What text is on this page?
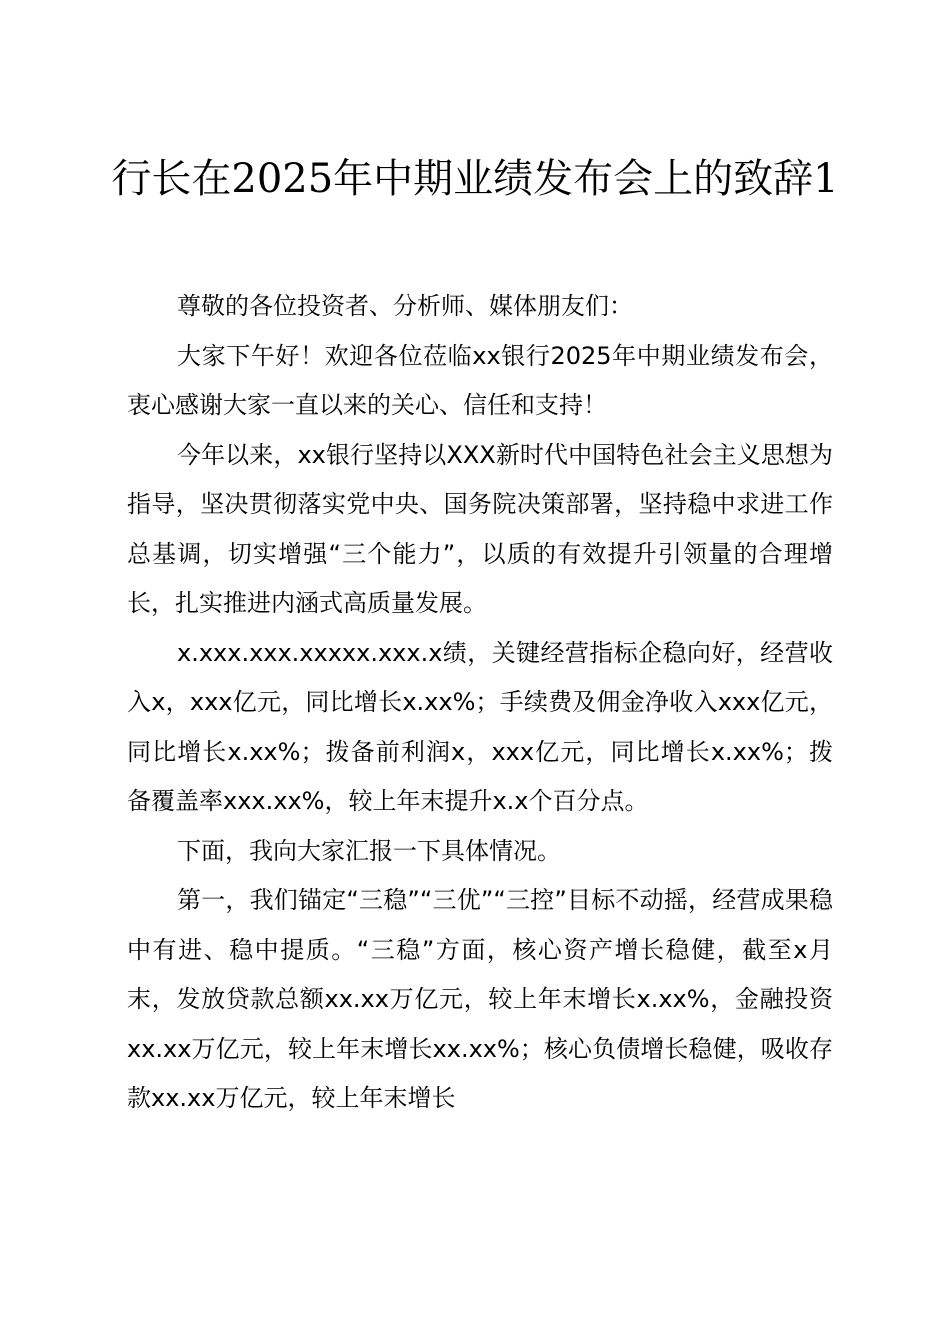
行长在2025年中期业绩发布会上的致辞1

尊敬的各位投资者、分析师、媒体朋友们：

大家下午好！欢迎各位莅临xx银行2025年中期业绩发布会，衷心感谢大家一直以来的关心、信任和支持！

今年以来，xx银行坚持以XXX新时代中国特色社会主义思想为指导，坚决贯彻落实党中央、国务院决策部署，坚持稳中求进工作总基调，切实增强“三个能力”，以质的有效提升引领量的合理增长，扎实推进内涵式高质量发展。

x.xxx.xxx.xxxxx.xxx.x绩，关键经营指标企稳向好，经营收入x，xxx亿元，同比增长x.xx%；手续费及佣金净收入xxx亿元，同比增长x.xx%；拨备前利润x，xxx亿元，同比增长x.xx%；拨备覆盖率xxx.xx%，较上年末提升x.x个百分点。

下面，我向大家汇报一下具体情况。

第一，我们锚定“三稳”“三优”“三控”目标不动摇，经营成果稳中有进、稳中提质。“三稳”方面，核心资产增长稳健，截至x月末，发放贷款总额xx.xx万亿元，较上年末增长x.xx%，金融投资xx.xx万亿元，较上年末增长xx.xx%；核心负债增长稳健，吸收存款xx.xx万亿元，较上年末增长
